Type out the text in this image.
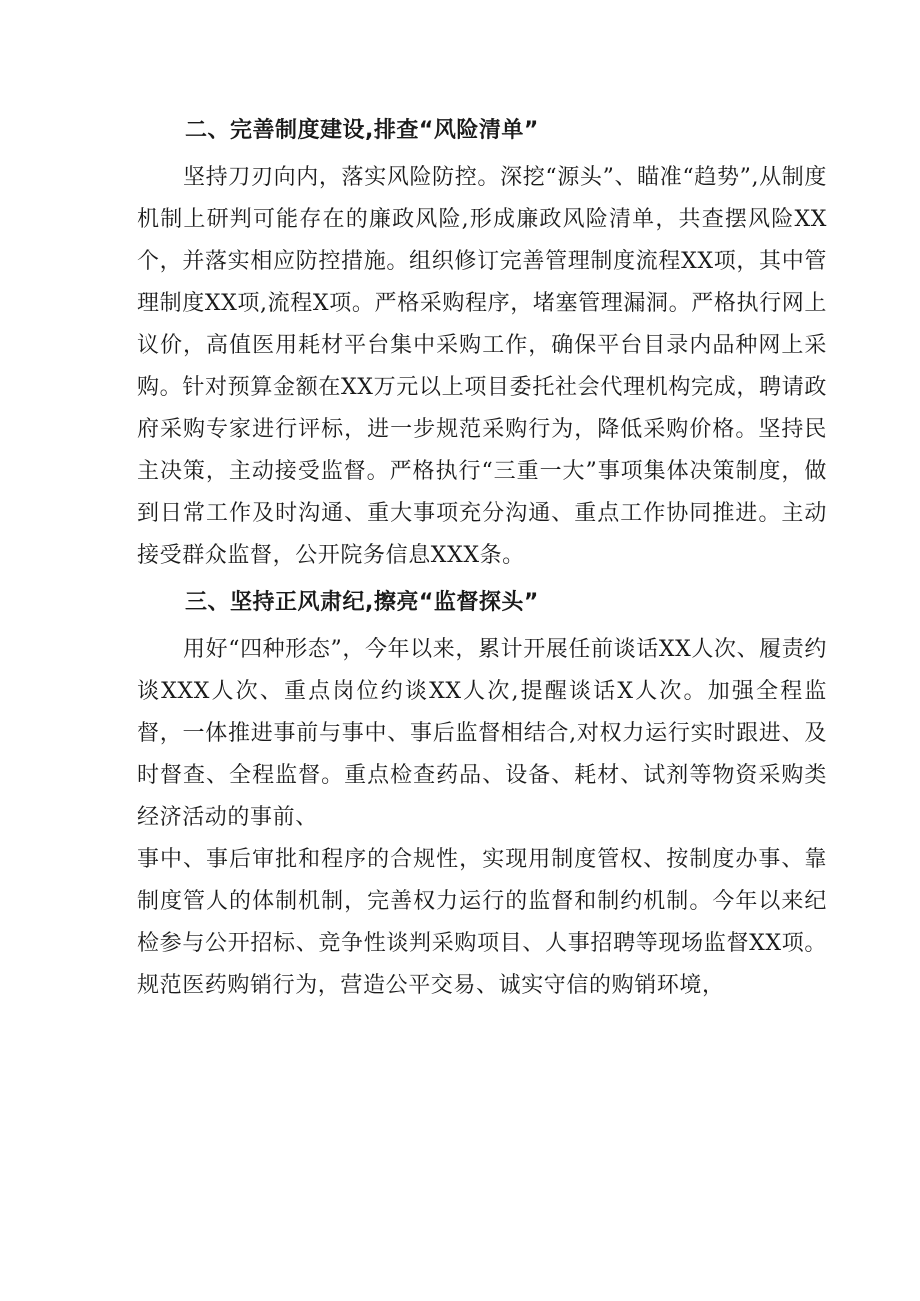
二、完善制度建设,排查“风险清单”

坚持刀刃向内，落实风险防控。深挖“源头”、瞄准“趋势”,从制度机制上研判可能存在的廉政风险,形成廉政风险清单，共查摆风险XX个，并落实相应防控措施。组织修订完善管理制度流程XX项，其中管理制度XX项,流程X项。严格采购程序，堵塞管理漏洞。严格执行网上议价，高值医用耗材平台集中采购工作，确保平台目录内品种网上采购。针对预算金额在XX万元以上项目委托社会代理机构完成，聘请政府采购专家进行评标，进一步规范采购行为，降低采购价格。坚持民主决策，主动接受监督。严格执行“三重一大”事项集体决策制度，做到日常工作及时沟通、重大事项充分沟通、重点工作协同推进。主动接受群众监督，公开院务信息XXX条。

三、坚持正风肃纪,擦亮“监督探头”

用好“四种形态”，今年以来，累计开展任前谈话XX人次、履责约谈XXX人次、重点岗位约谈XX人次,提醒谈话X人次。加强全程监督，一体推进事前与事中、事后监督相结合,对权力运行实时跟进、及时督查、全程监督。重点检查药品、设备、耗材、试剂等物资采购类经济活动的事前、

事中、事后审批和程序的合规性，实现用制度管权、按制度办事、靠制度管人的体制机制，完善权力运行的监督和制约机制。今年以来纪检参与公开招标、竞争性谈判采购项目、人事招聘等现场监督XX项。规范医药购销行为，营造公平交易、诚实守信的购销环境，
